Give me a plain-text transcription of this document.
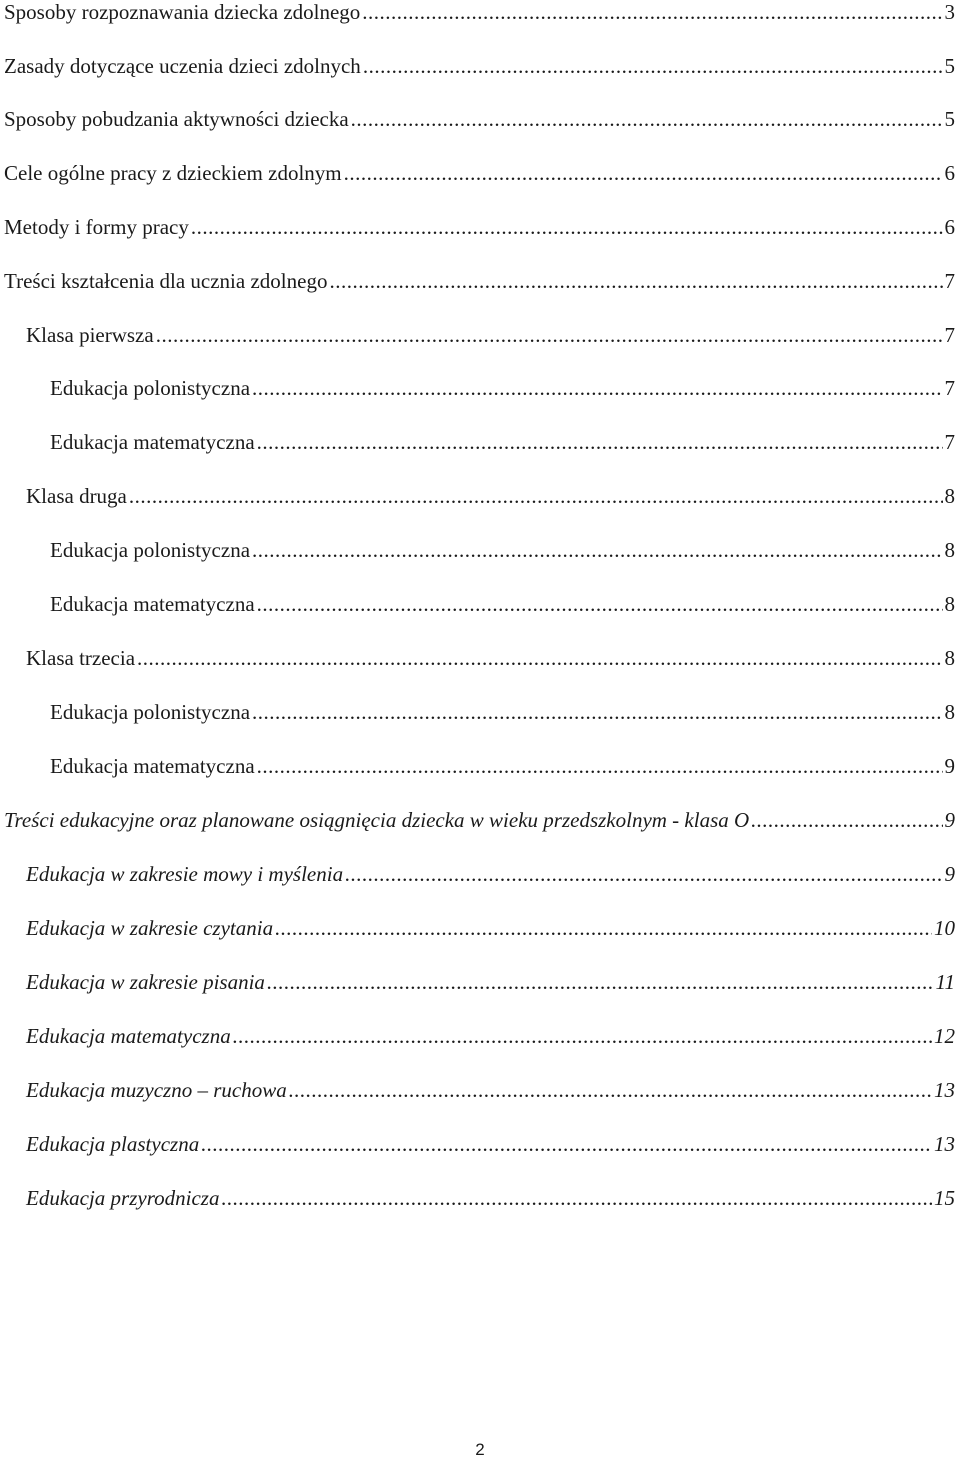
Sposoby rozpoznawania dziecka zdolnego .....	3
Zasady dotyczące uczenia dzieci zdolnych .....	5
Sposoby pobudzania aktywności dziecka .....	5
Cele ogólne pracy z dzieckiem zdolnym .....	6
Metody i formy pracy .....	6
Treści kształcenia dla ucznia zdolnego .....	7
Klasa pierwsza .....	7
Edukacja polonistyczna .....	7
Edukacja matematyczna .....	7
Klasa druga .....	8
Edukacja polonistyczna .....	8
Edukacja matematyczna .....	8
Klasa trzecia .....	8
Edukacja polonistyczna .....	8
Edukacja matematyczna .....	9
Treści edukacyjne oraz planowane osiągnięcia dziecka w wieku przedszkolnym - klasa O .....	9
Edukacja w zakresie mowy i myślenia .....	9
Edukacja w zakresie czytania .....	10
Edukacja w zakresie pisania .....	11
Edukacja matematyczna .....	12
Edukacja muzyczno – ruchowa .....	13
Edukacja plastyczna .....	13
Edukacja przyrodnicza .....	15
2
